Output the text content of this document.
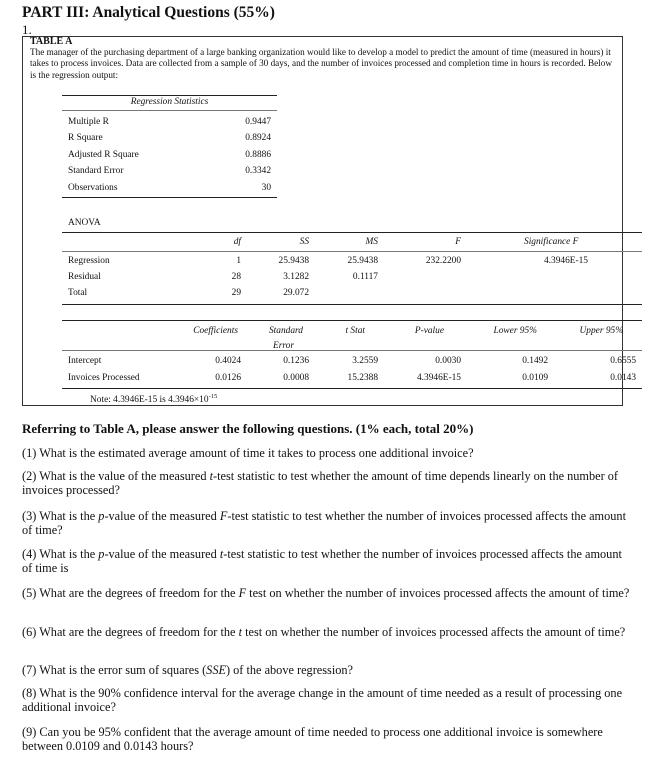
PART III: Analytical Questions (55%)
1.
TABLE A
The manager of the purchasing department of a large banking organization would like to develop a model to predict the amount of time (measured in hours) it takes to process invoices. Data are collected from a sample of 30 days, and the number of invoices processed and completion time in hours is recorded. Below is the regression output:
Regression Statistics
Multiple R	0.9447
R Square	0.8924
Adjusted R Square	0.8886
Standard Error	0.3342
Observations	30
ANOVA
df	SS	MS	F	Significance F
Regression	1	25.9438	25.9438	232.2200	4.3946E-15
Residual	28	3.1282	0.1117
Total	29	29.072
Coefficients	Standard
Error
t Stat	P-value	Lower 95%	Upper 95%
Intercept	0.4024	0.1236	3.2559	0.0030	0.1492	0.6555
Invoices Processed	0.0126	0.0008	15.2388	4.3946E-15	0.0109	0.0143
Note: 4.3946E-15 is $4.3946\times 10^{-15}$
Referring to Table A, please answer the following questions. (1% each, total 20%)
(1) What is the estimated average amount of time it takes to process one additional invoice?
(2) What is the value of the measured t-test statistic to test whether the amount of time depends linearly on the number of invoices processed?
(3) What is the p-value of the measured F-test statistic to test whether the number of invoices processed affects the amount of time?
(4) What is the p-value of the measured t-test statistic to test whether the number of invoices processed affects the amount of time is
(5) What are the degrees of freedom for the F test on whether the number of invoices processed affects the amount of time?
(6) What are the degrees of freedom for the t test on whether the number of invoices processed affects the amount of time?
(7) What is the error sum of squares (SSE) of the above regression?
(8) What is the 90% confidence interval for the average change in the amount of time needed as a result of processing one additional invoice?
(9) Can you be 95% confident that the average amount of time needed to process one additional invoice is somewhere between 0.0109 and 0.0143 hours?
